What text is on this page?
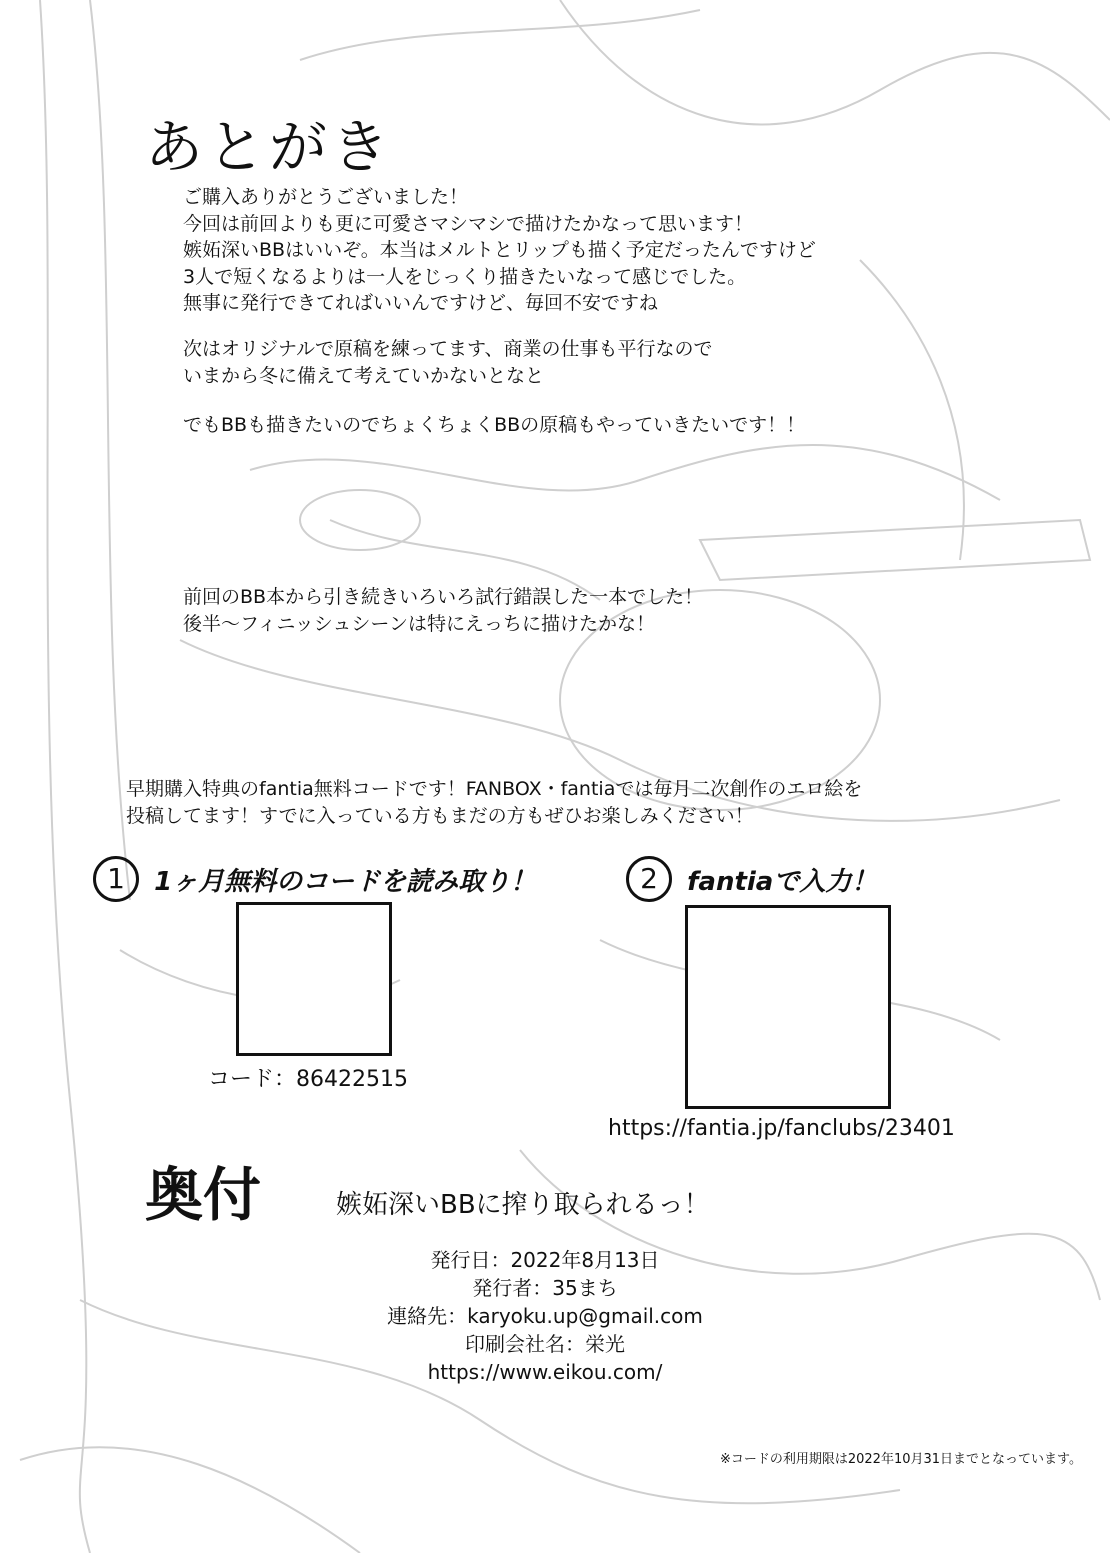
あとがき
ご購入ありがとうございました！
今回は前回よりも更に可愛さマシマシで描けたかなって思います！
嫉妬深いBBはいいぞ。本当はメルトとリップも描く予定だったんですけど
3人で短くなるよりは一人をじっくり描きたいなって感じでした。
無事に発行できてればいいんですけど、毎回不安ですね
次はオリジナルで原稿を練ってます、商業の仕事も平行なので
いまから冬に備えて考えていかないとなと
でもBBも描きたいのでちょくちょくBBの原稿もやっていきたいです！！
前回のBB本から引き続きいろいろ試行錯誤した一本でした！
後半～フィニッシュシーンは特にえっちに描けたかな！
早期購入特典のfantia無料コードです！FANBOX・fantiaでは毎月二次創作のエロ絵を
投稿してます！すでに入っている方もまだの方もぜひお楽しみください！
1 1ヶ月無料のコードを読み取り！
コード：86422515
2 fantiaで入力！
https://fantia.jp/fanclubs/23401
奥付	嫉妬深いBBに搾り取られるっ！
発行日：2022年8月13日
発行者：35まち
連絡先：karyoku.up@gmail.com
印刷会社名：栄光
https://www.eikou.com/
※コードの利用期限は2022年10月31日までとなっています。
